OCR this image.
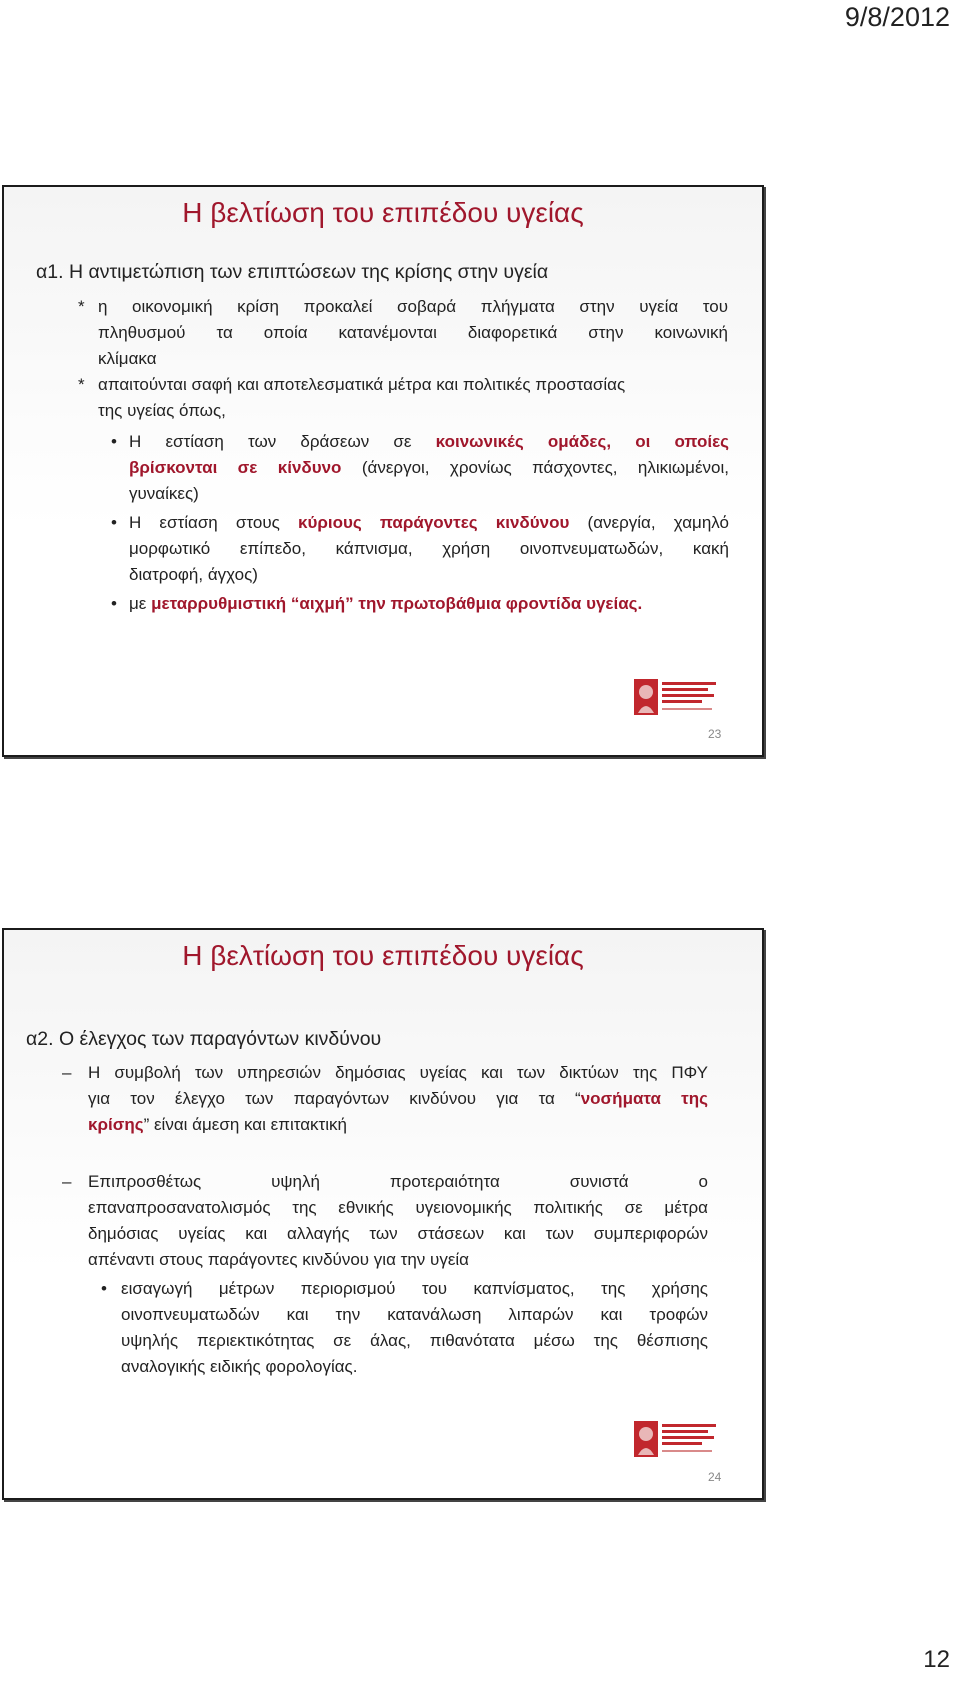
9/8/2012
Η βελτίωση του επιπέδου υγείας
α1. Η αντιμετώπιση των επιπτώσεων της κρίσης στην υγεία
* η οικονομική κρίση προκαλεί σοβαρά πλήγματα στην υγεία του
πληθυσμού τα οποία κατανέμονται διαφορετικά στην κοινωνική
κλίμακα
* απαιτούνται σαφή και αποτελεσματικά μέτρα και πολιτικές προστασίας
της υγείας όπως,
• Η εστίαση των δράσεων σε κοινωνικές ομάδες, οι οποίες
βρίσκονται σε κίνδυνο (άνεργοι, χρονίως πάσχοντες, ηλικιωμένοι,
γυναίκες)
• Η εστίαση στους κύριους παράγοντες κινδύνου (ανεργία, χαμηλό
μορφωτικό επίπεδο, κάπνισμα, χρήση οινοπνευματωδών, κακή
διατροφή, άγχος)
• με μεταρρυθμιστική “αιχμή” την πρωτοβάθμια φροντίδα υγείας.
23
Η βελτίωση του επιπέδου υγείας
α2. Ο έλεγχος των παραγόντων κινδύνου
– Η συμβολή των υπηρεσιών δημόσιας υγείας και των δικτύων της ΠΦΥ
για τον έλεγχο των παραγόντων κινδύνου για τα “νοσήματα της
κρίσης” είναι άμεση και επιτακτική
– Επιπροσθέτως υψηλή προτεραιότητα συνιστά ο
επαναπροσανατολισμός της εθνικής υγειονομικής πολιτικής σε μέτρα
δημόσιας υγείας και αλλαγής των στάσεων και των συμπεριφορών
απέναντι στους παράγοντες κινδύνου για την υγεία
• εισαγωγή μέτρων περιορισμού του καπνίσματος, της χρήσης
οινοπνευματωδών και την κατανάλωση λιπαρών και τροφών
υψηλής περιεκτικότητας σε άλας, πιθανότατα μέσω της θέσπισης
αναλογικής ειδικής φορολογίας.
24
12
